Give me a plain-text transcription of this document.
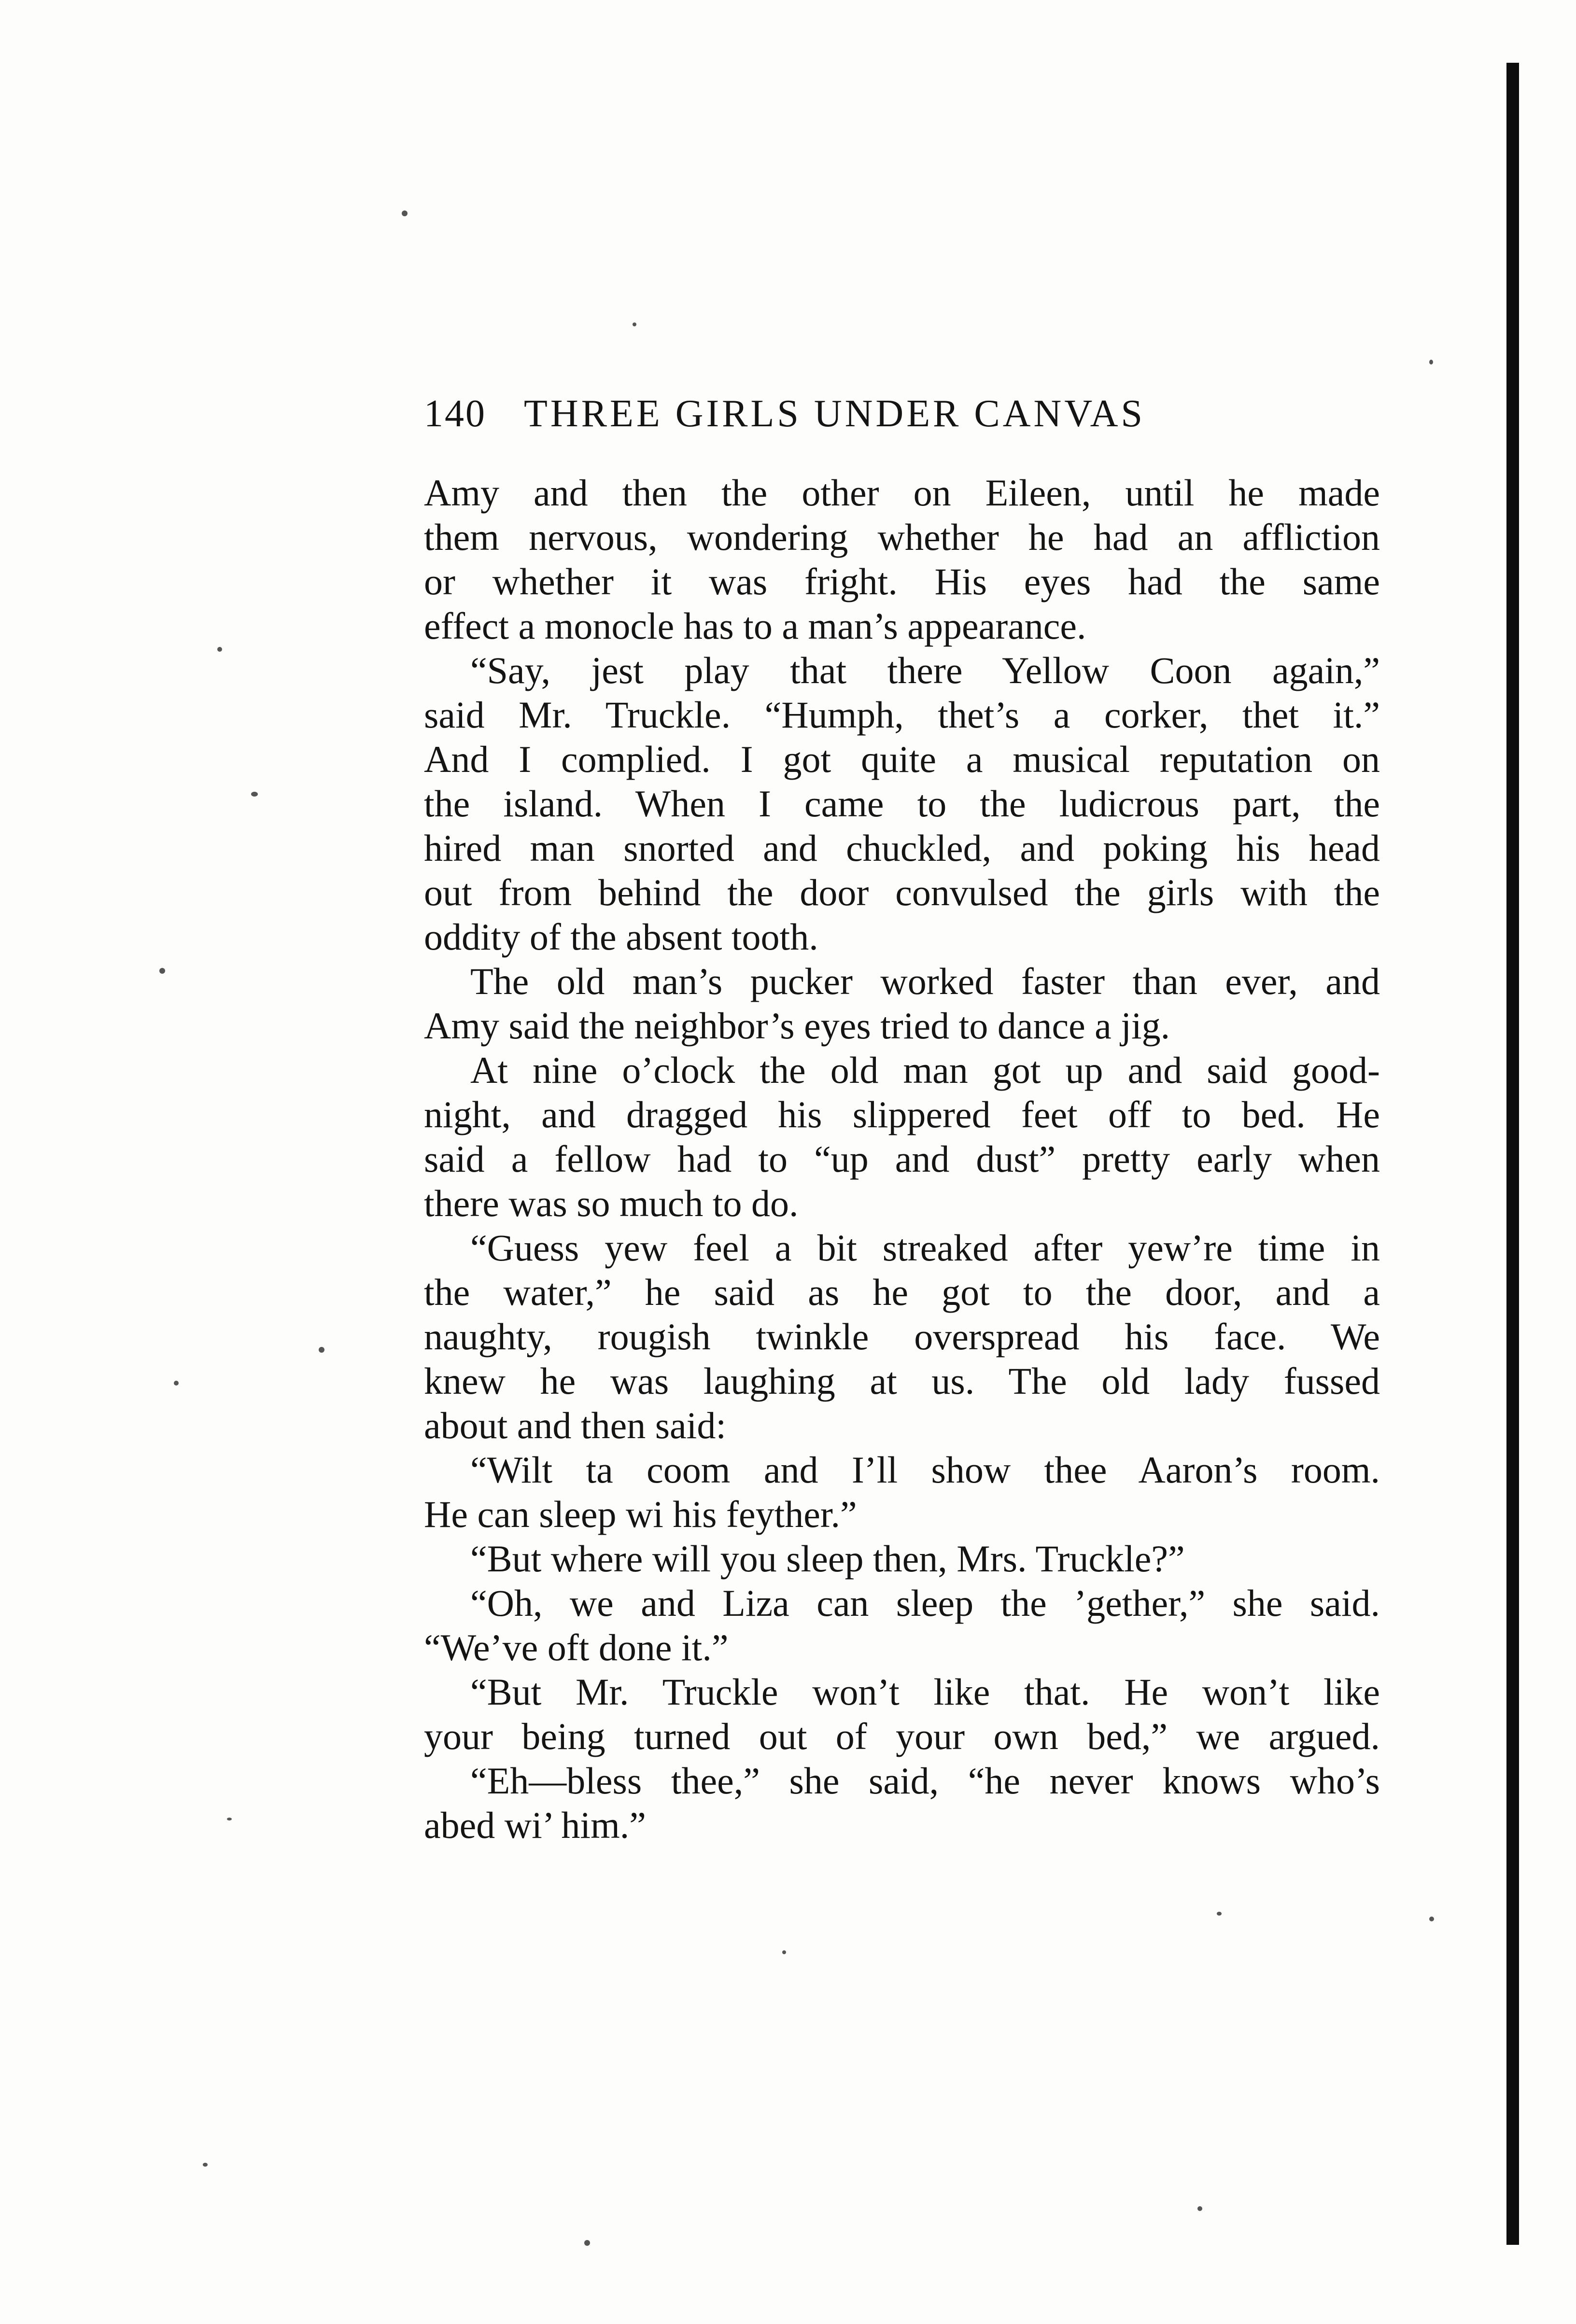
140 THREE GIRLS UNDER CANVAS
Amy and then the other on Eileen, until he made
them nervous, wondering whether he had an affliction
or whether it was fright. His eyes had the same
effect a monocle has to a man’s appearance.
“Say, jest play that there Yellow Coon again,”
said Mr. Truckle. “Humph, thet’s a corker, thet it.”
And I complied. I got quite a musical reputation on
the island. When I came to the ludicrous part, the
hired man snorted and chuckled, and poking his head
out from behind the door convulsed the girls with the
oddity of the absent tooth.
The old man’s pucker worked faster than ever, and
Amy said the neighbor’s eyes tried to dance a jig.
At nine o’clock the old man got up and said good-
night, and dragged his slippered feet off to bed. He
said a fellow had to “up and dust” pretty early when
there was so much to do.
“Guess yew feel a bit streaked after yew’re time in
the water,” he said as he got to the door, and a
naughty, rougish twinkle overspread his face. We
knew he was laughing at us. The old lady fussed
about and then said:
“Wilt ta coom and I’ll show thee Aaron’s room.
He can sleep wi his feyther.”
“But where will you sleep then, Mrs. Truckle?”
“Oh, we and Liza can sleep the ’gether,” she said.
“We’ve oft done it.”
“But Mr. Truckle won’t like that. He won’t like
your being turned out of your own bed,” we argued.
“Eh—bless thee,” she said, “he never knows who’s
abed wi’ him.”
